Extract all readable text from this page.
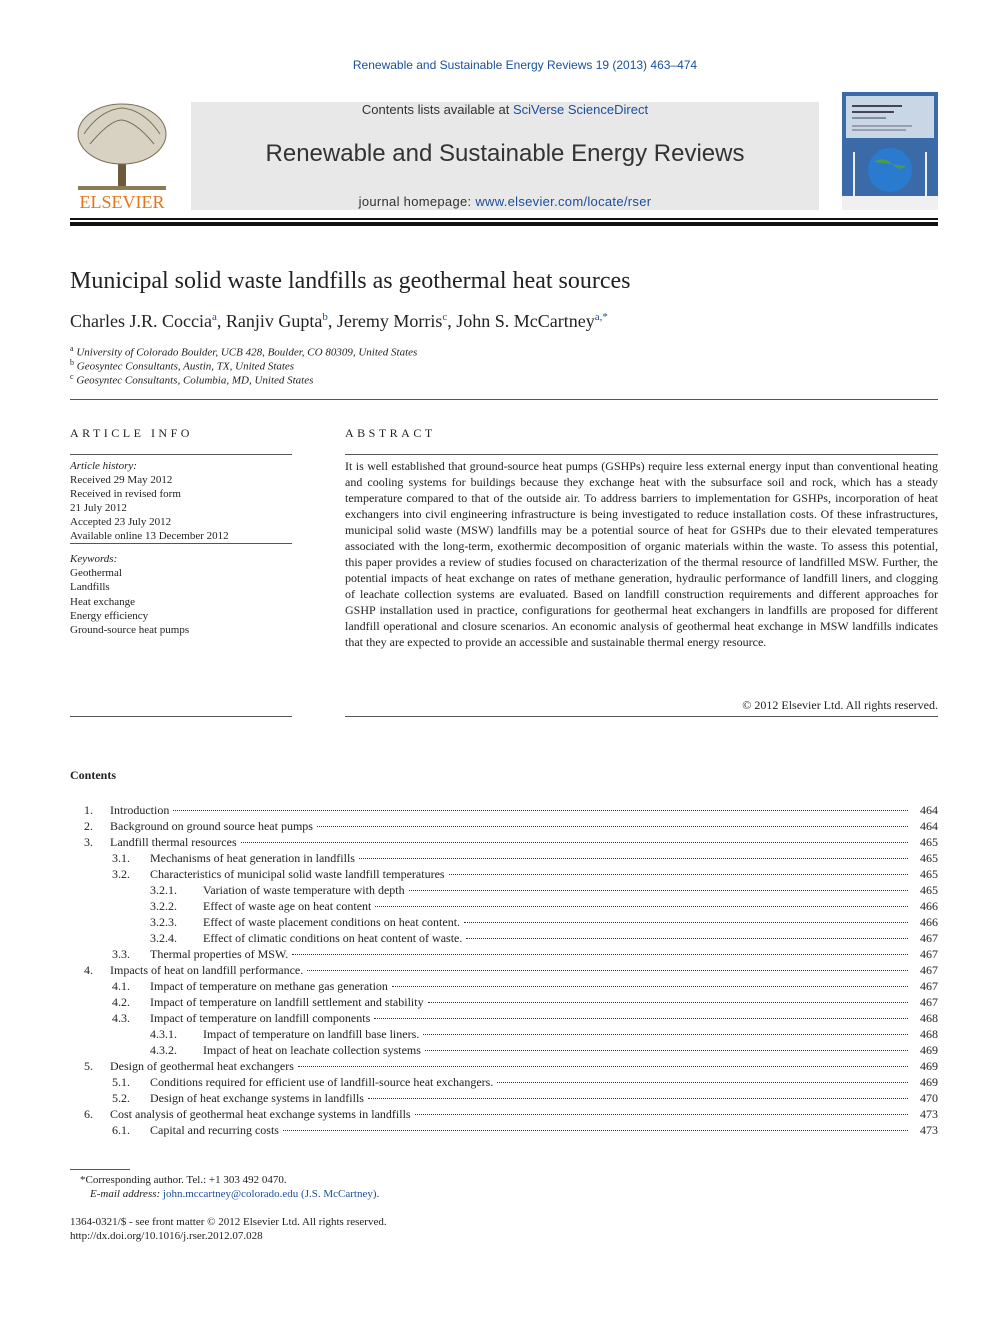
Renewable and Sustainable Energy Reviews 19 (2013) 463–474
ELSEVIER
Contents lists available at SciVerse ScienceDirect
Renewable and Sustainable Energy Reviews
journal homepage: www.elsevier.com/locate/rser
Municipal solid waste landfills as geothermal heat sources
Charles J.R. Coccia$^a$, Ranjiv Gupta$^b$, Jeremy Morris$^c$, John S. McCartney$^{a,*}$
$^a$ University of Colorado Boulder, UCB 428, Boulder, CO 80309, United States
$^b$ Geosyntec Consultants, Austin, TX, United States
$^c$ Geosyntec Consultants, Columbia, MD, United States
ARTICLE INFO
Article history:
Received 29 May 2012
Received in revised form
21 July 2012
Accepted 23 July 2012
Available online 13 December 2012
Keywords:
Geothermal
Landfills
Heat exchange
Energy efficiency
Ground-source heat pumps
ABSTRACT
It is well established that ground-source heat pumps (GSHPs) require less external energy input than conventional heating and cooling systems for buildings because they exchange heat with the subsurface soil and rock, which has a steady temperature compared to that of the outside air. To address barriers to implementation for GSHPs, incorporation of heat exchangers into civil engineering infrastructure is being investigated to reduce installation costs. Of these infrastructures, municipal solid waste (MSW) landfills may be a potential source of heat for GSHPs due to their elevated temperatures associated with the long-term, exothermic decomposition of organic materials within the waste. To assess this potential, this paper provides a review of studies focused on characterization of the thermal resource of landfilled MSW. Further, the potential impacts of heat exchange on rates of methane generation, hydraulic performance of landfill liners, and clogging of leachate collection systems are evaluated. Based on landfill construction requirements and different approaches for GSHP installation used in practice, configurations for geothermal heat exchangers in landfills are proposed for different landfill operational and closure scenarios. An economic analysis of geothermal heat exchange in MSW landfills indicates that they are expected to provide an accessible and sustainable thermal energy resource.
© 2012 Elsevier Ltd. All rights reserved.
Contents
1. Introduction	464
2. Background on ground source heat pumps	464
3. Landfill thermal resources	465
3.1. Mechanisms of heat generation in landfills	465
3.2. Characteristics of municipal solid waste landfill temperatures	465
3.2.1. Variation of waste temperature with depth	465
3.2.2. Effect of waste age on heat content	466
3.2.3. Effect of waste placement conditions on heat content.	466
3.2.4. Effect of climatic conditions on heat content of waste.	467
3.3. Thermal properties of MSW.	467
4. Impacts of heat on landfill performance.	467
4.1. Impact of temperature on methane gas generation	467
4.2. Impact of temperature on landfill settlement and stability	467
4.3. Impact of temperature on landfill components	468
4.3.1. Impact of temperature on landfill base liners.	468
4.3.2. Impact of heat on leachate collection systems	469
5. Design of geothermal heat exchangers	469
5.1. Conditions required for efficient use of landfill-source heat exchangers.	469
5.2. Design of heat exchange systems in landfills	470
6. Cost analysis of geothermal heat exchange systems in landfills	473
6.1. Capital and recurring costs	473
*Corresponding author. Tel.: +1 303 492 0470.
E-mail address: john.mccartney@colorado.edu (J.S. McCartney).
1364-0321/$ - see front matter © 2012 Elsevier Ltd. All rights reserved.
http://dx.doi.org/10.1016/j.rser.2012.07.028
